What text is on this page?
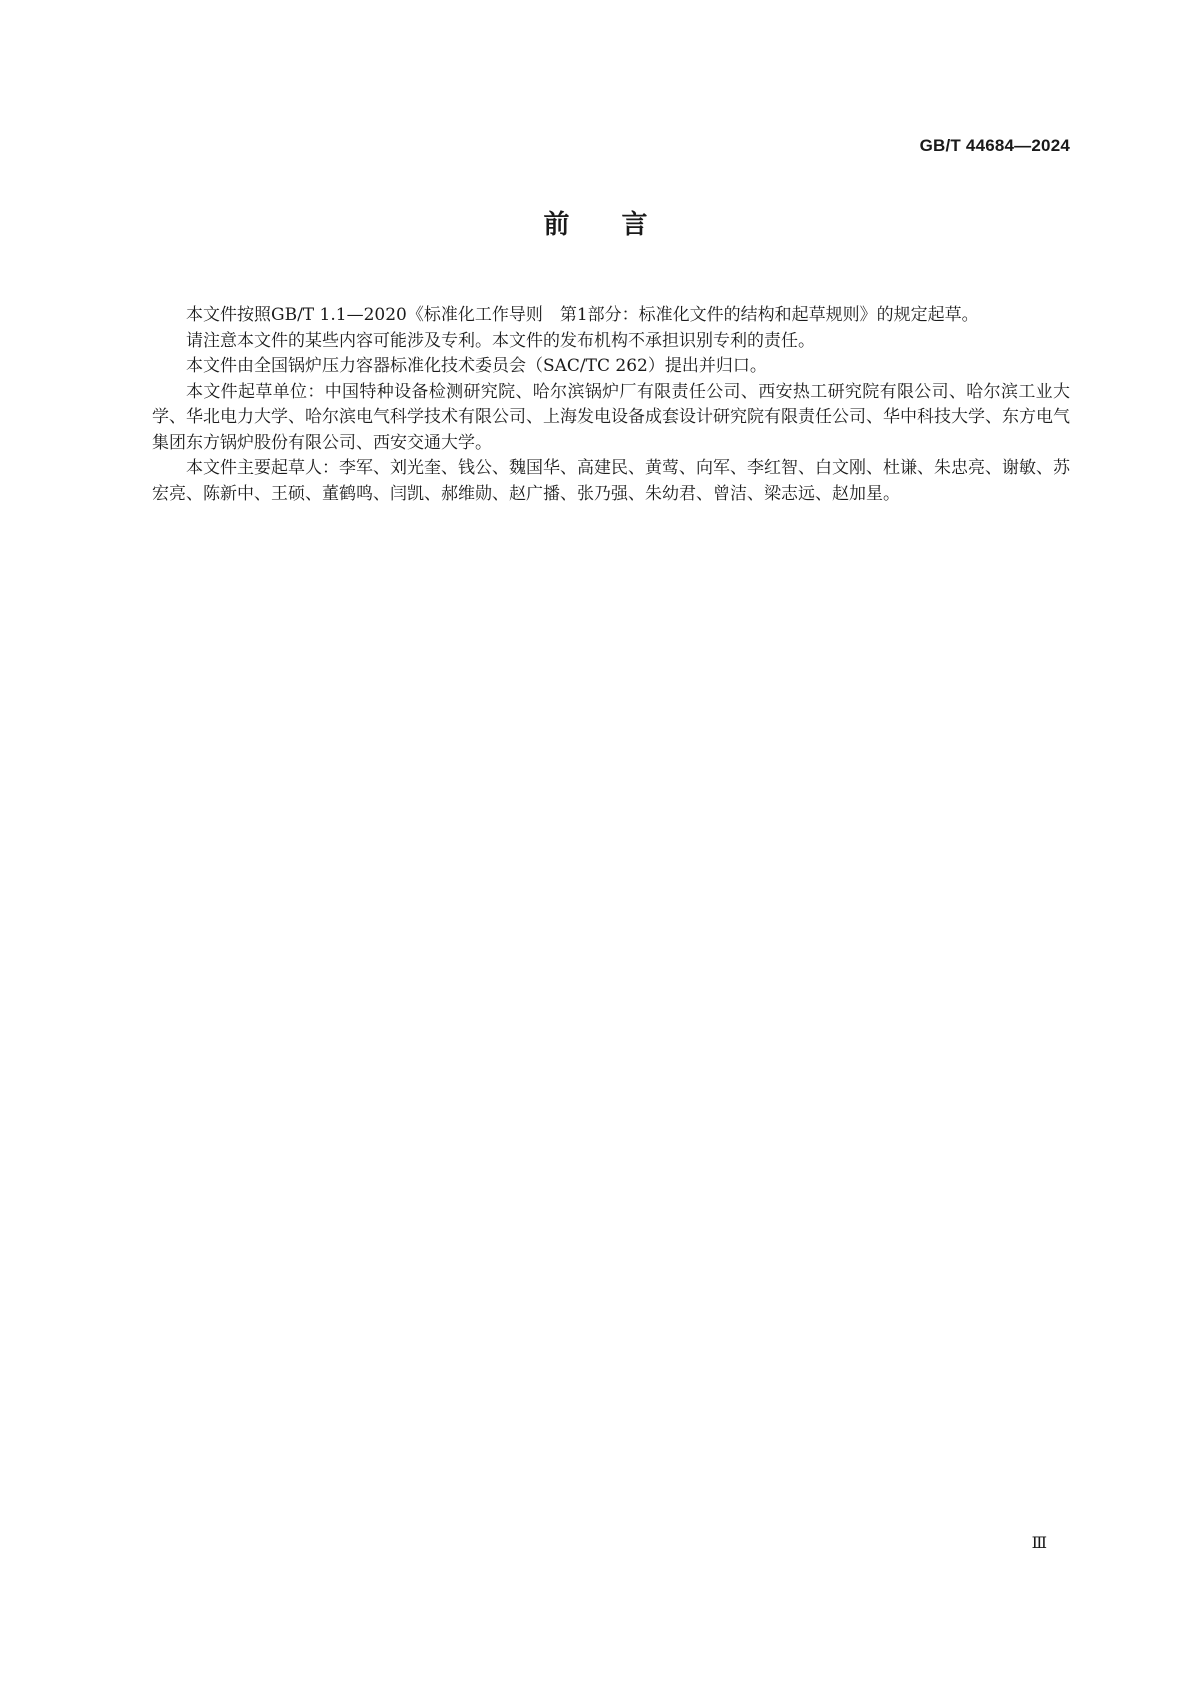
GB/T 44684—2024
前言

本文件按照GB/T 1.1—2020《标准化工作导则　第1部分：标准化文件的结构和起草规则》的规定起草。

请注意本文件的某些内容可能涉及专利。本文件的发布机构不承担识别专利的责任。

本文件由全国锅炉压力容器标准化技术委员会（SAC/TC 262）提出并归口。

本文件起草单位：中国特种设备检测研究院、哈尔滨锅炉厂有限责任公司、西安热工研究院有限公司、哈尔滨工业大学、华北电力大学、哈尔滨电气科学技术有限公司、上海发电设备成套设计研究院有限责任公司、华中科技大学、东方电气集团东方锅炉股份有限公司、西安交通大学。

本文件主要起草人：李军、刘光奎、钱公、魏国华、高建民、黄莺、向军、李红智、白文刚、杜谦、朱忠亮、谢敏、苏宏亮、陈新中、王硕、董鹤鸣、闫凯、郝维勋、赵广播、张乃强、朱幼君、曾洁、梁志远、赵加星。

Ⅲ
